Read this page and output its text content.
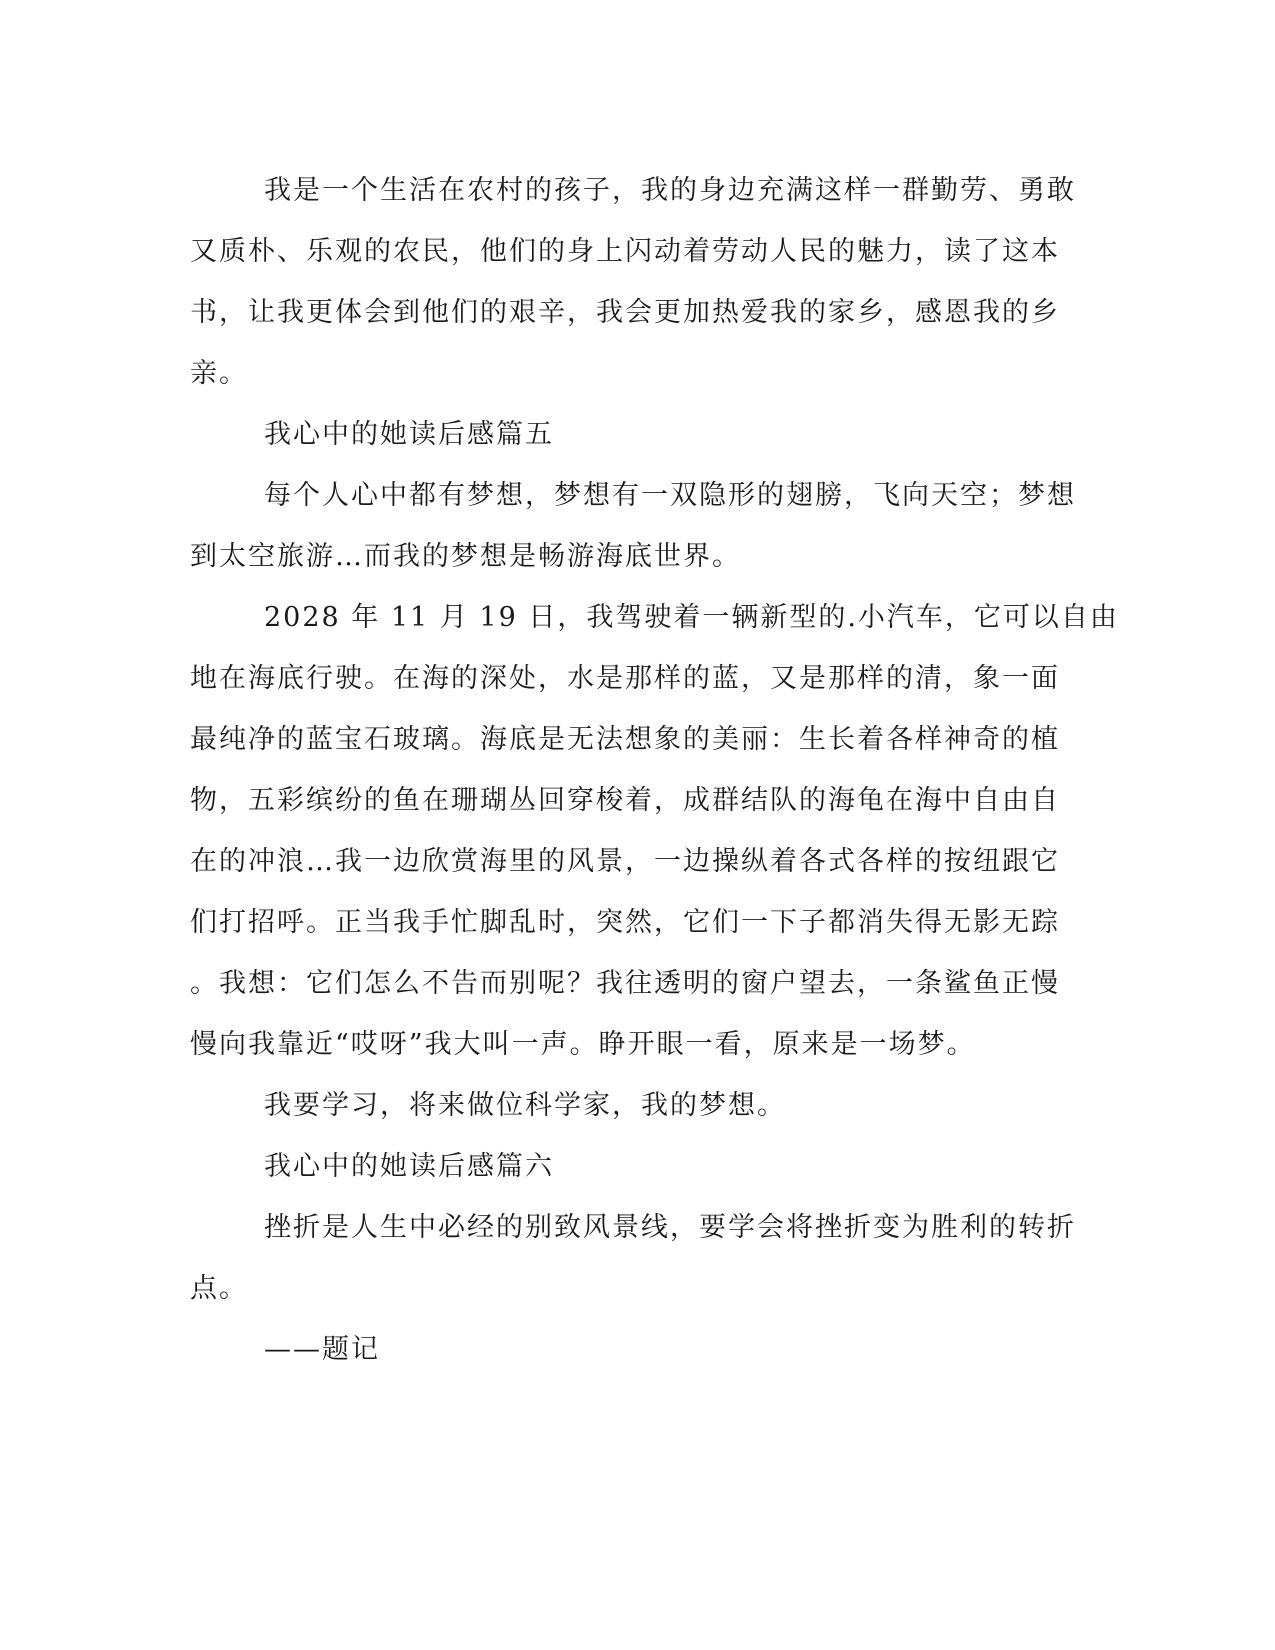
我是一个生活在农村的孩子，我的身边充满这样一群勤劳、勇敢
又质朴、乐观的农民，他们的身上闪动着劳动人民的魅力，读了这本
书，让我更体会到他们的艰辛，我会更加热爱我的家乡，感恩我的乡
亲。
我心中的她读后感篇五
每个人心中都有梦想，梦想有一双隐形的翅膀，飞向天空；梦想
到太空旅游…而我的梦想是畅游海底世界。
2028 年 11 月 19 日，我驾驶着一辆新型的.小汽车，它可以自由
地在海底行驶。在海的深处，水是那样的蓝，又是那样的清，象一面
最纯净的蓝宝石玻璃。海底是无法想象的美丽：生长着各样神奇的植
物，五彩缤纷的鱼在珊瑚丛回穿梭着，成群结队的海龟在海中自由自
在的冲浪…我一边欣赏海里的风景，一边操纵着各式各样的按纽跟它
们打招呼。正当我手忙脚乱时，突然，它们一下子都消失得无影无踪
。我想：它们怎么不告而别呢？我往透明的窗户望去，一条鲨鱼正慢
慢向我靠近“哎呀”我大叫一声。睁开眼一看，原来是一场梦。
我要学习，将来做位科学家，我的梦想。
我心中的她读后感篇六
挫折是人生中必经的别致风景线，要学会将挫折变为胜利的转折
点。
——题记
